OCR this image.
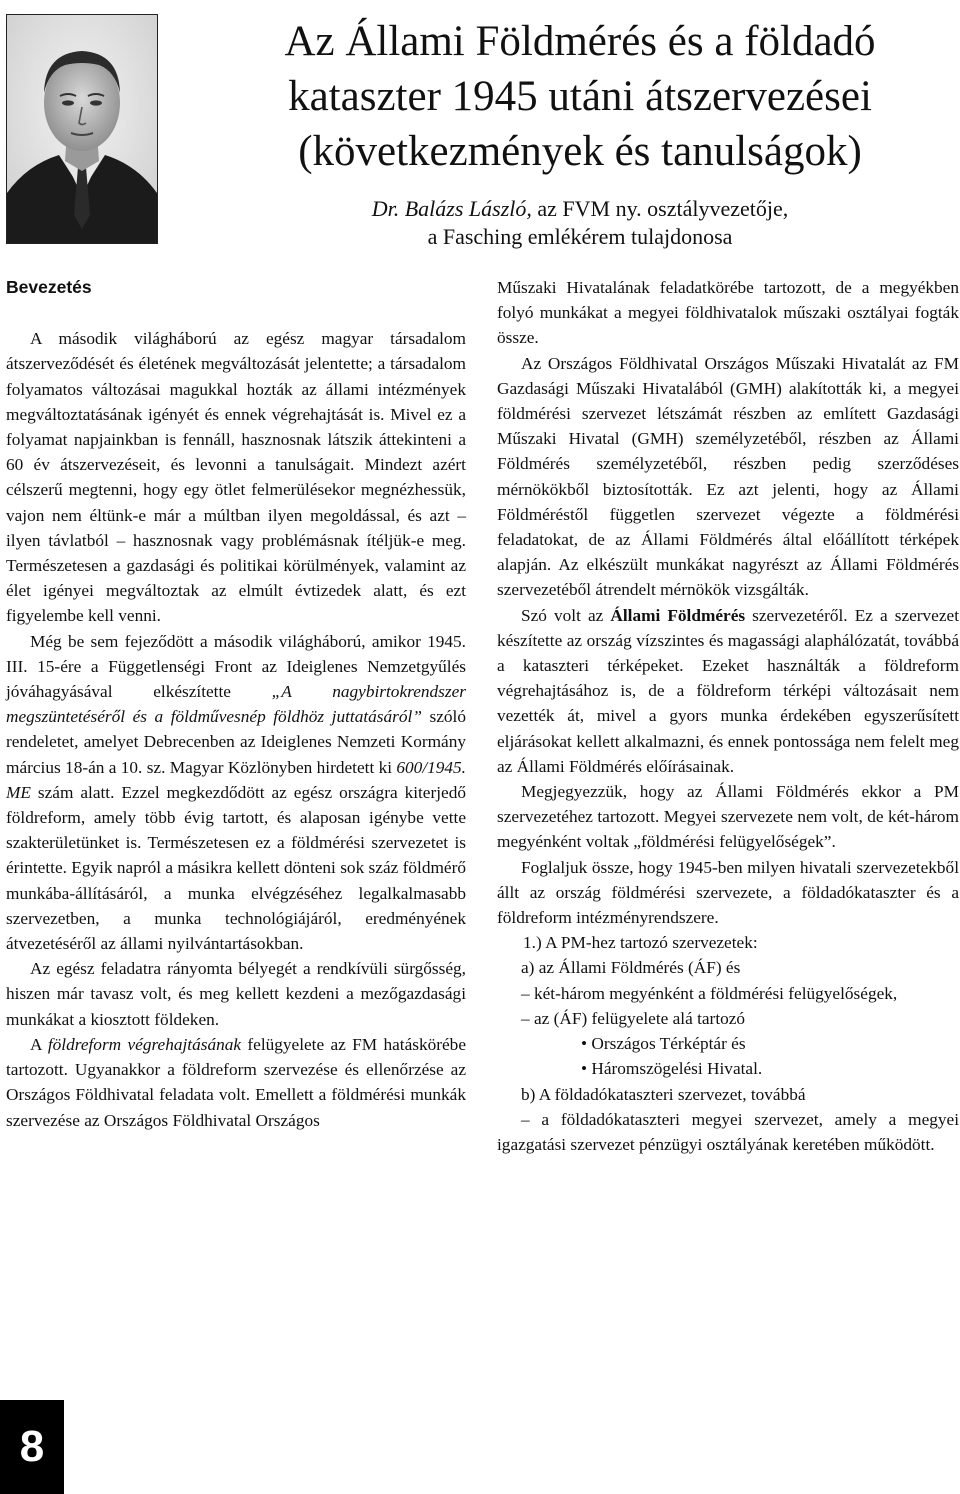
Az Állami Földmérés és a földadó
kataszter 1945 utáni átszervezései
(következmények és tanulságok)
Dr. Balázs László, az FVM ny. osztályvezetője,
a Fasching emlékérem tulajdonosa
Bevezetés

A második világháború az egész magyar társadalom átszerveződését és életének megváltozását jelentette; a társadalom folyamatos változásai magukkal hozták az állami intézmények megváltoztatásának igényét és ennek végrehajtását is. Mivel ez a folyamat napjainkban is fennáll, hasznosnak látszik áttekinteni a 60 év átszervezéseit, és levonni a tanulságait. Mindezt azért célszerű megtenni, hogy egy ötlet felmerülésekor megnézhessük, vajon nem éltünk-e már a múltban ilyen megoldással, és azt – ilyen távlatból – hasznosnak vagy problémásnak ítéljük-e meg. Természetesen a gazdasági és politikai körülmények, valamint az élet igényei megváltoztak az elmúlt évtizedek alatt, és ezt figyelembe kell venni.

Még be sem fejeződött a második világháború, amikor 1945. III. 15-ére a Függetlenségi Front az Ideiglenes Nemzetgyűlés jóváhagyásával elkészítette „A nagybirtokrendszer megszüntetéséről és a földművesnép földhöz juttatásáról” szóló rendeletet, amelyet Debrecenben az Ideiglenes Nemzeti Kormány március 18-án a 10. sz. Magyar Közlönyben hirdetett ki 600/1945. ME szám alatt. Ezzel megkezdődött az egész országra kiterjedő földreform, amely több évig tartott, és alaposan igénybe vette szakterületünket is. Természetesen ez a földmérési szervezetet is érintette. Egyik napról a másikra kellett dönteni sok száz földmérő munkába-állításáról, a munka elvégzéséhez legalkalmasabb szervezetben, a munka technológiájáról, eredményének átvezetéséről az állami nyilvántartásokban.

Az egész feladatra rányomta bélyegét a rendkívüli sürgősség, hiszen már tavasz volt, és meg kellett kezdeni a mezőgazdasági munkákat a kiosztott földeken.

A földreform végrehajtásának felügyelete az FM hatáskörébe tartozott. Ugyanakkor a földreform szervezése és ellenőrzése az Országos Földhivatal feladata volt. Emellett a földmérési munkák szervezése az Országos Földhivatal Országos

Műszaki Hivatalának feladatkörébe tartozott, de a megyékben folyó munkákat a megyei földhivatalok műszaki osztályai fogták össze.

Az Országos Földhivatal Országos Műszaki Hivatalát az FM Gazdasági Műszaki Hivatalából (GMH) alakították ki, a megyei földmérési szervezet létszámát részben az említett Gazdasági Műszaki Hivatal (GMH) személyzetéből, részben az Állami Földmérés személyzetéből, részben pedig szerződéses mérnökökből biztosították. Ez azt jelenti, hogy az Állami Földméréstől független szervezet végezte a földmérési feladatokat, de az Állami Földmérés által előállított térképek alapján. Az elkészült munkákat nagyrészt az Állami Földmérés szervezetéből átrendelt mérnökök vizsgálták.

Szó volt az Állami Földmérés szervezetéről. Ez a szervezet készítette az ország vízszintes és magassági alaphálózatát, továbbá a kataszteri térképeket. Ezeket használták a földreform végrehajtásához is, de a földreform térképi változásait nem vezették át, mivel a gyors munka érdekében egyszerűsített eljárásokat kellett alkalmazni, és ennek pontossága nem felelt meg az Állami Földmérés előírásainak.

Megjegyezzük, hogy az Állami Földmérés ekkor a PM szervezetéhez tartozott. Megyei szervezete nem volt, de két-három megyénként voltak „földmérési felügyelőségek”.

Foglaljuk össze, hogy 1945-ben milyen hivatali szervezetekből állt az ország földmérési szervezete, a földadókataszter és a földreform intézményrendszere.

1.) A PM-hez tartozó szervezetek:

a) az Állami Földmérés (ÁF) és

– két-három megyénként a földmérési felügyelőségek,

– az (ÁF) felügyelete alá tartozó

• Országos Térképtár és

• Háromszögelési Hivatal.

b) A földadókataszteri szervezet, továbbá

– a földadókataszteri megyei szervezet, amely a megyei igazgatási szervezet pénzügyi osztályának keretében működött.

8
